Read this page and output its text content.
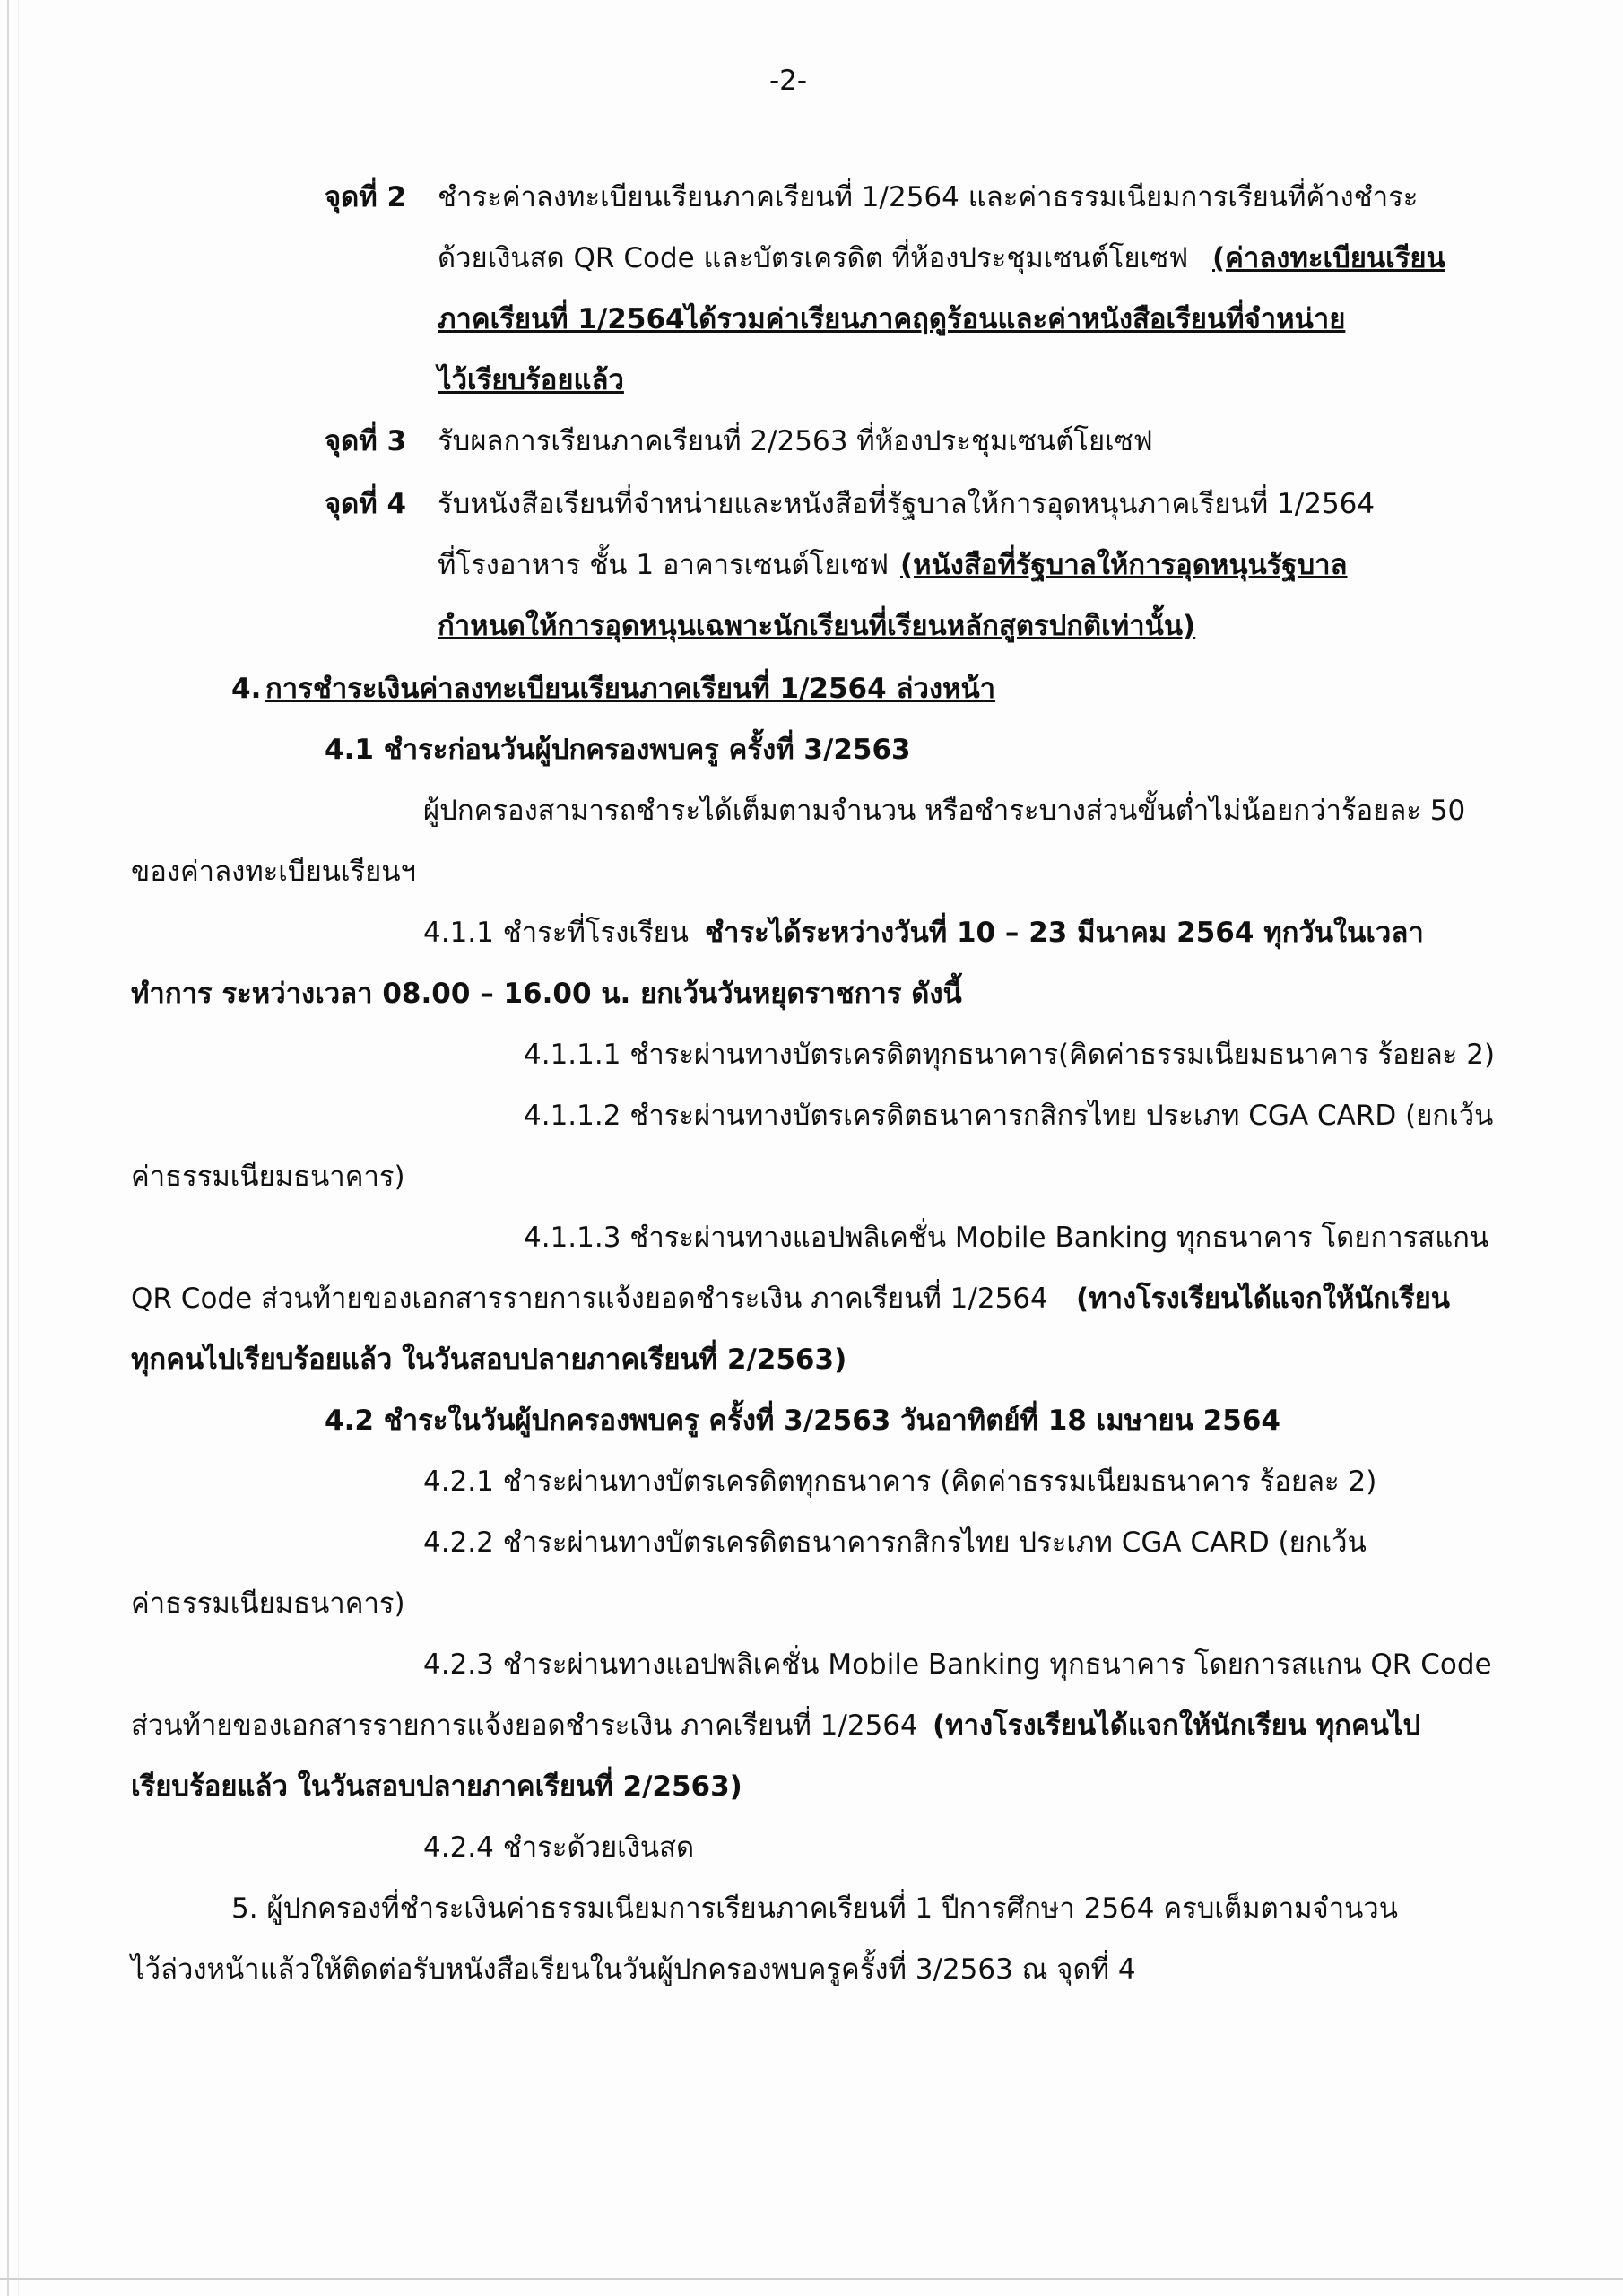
-2-
จุดที่ 2 ชำระค่าลงทะเบียนเรียนภาคเรียนที่ 1/2564 และค่าธรรมเนียมการเรียนที่ค้างชำระ
ด้วยเงินสด QR Code และบัตรเครดิต ที่ห้องประชุมเซนต์โยเซฟ (ค่าลงทะเบียนเรียน
ภาคเรียนที่ 1/2564ได้รวมค่าเรียนภาคฤดูร้อนและค่าหนังสือเรียนที่จำหน่าย
ไว้เรียบร้อยแล้ว
จุดที่ 3 รับผลการเรียนภาคเรียนที่ 2/2563 ที่ห้องประชุมเซนต์โยเซฟ
จุดที่ 4 รับหนังสือเรียนที่จำหน่ายและหนังสือที่รัฐบาลให้การอุดหนุนภาคเรียนที่ 1/2564
ที่โรงอาหาร ชั้น 1 อาคารเซนต์โยเซฟ (หนังสือที่รัฐบาลให้การอุดหนุนรัฐบาล
กำหนดให้การอุดหนุนเฉพาะนักเรียนที่เรียนหลักสูตรปกติเท่านั้น)
4. การชำระเงินค่าลงทะเบียนเรียนภาคเรียนที่ 1/2564 ล่วงหน้า
4.1 ชำระก่อนวันผู้ปกครองพบครู ครั้งที่ 3/2563
ผู้ปกครองสามารถชำระได้เต็มตามจำนวน หรือชำระบางส่วนขั้นต่ำไม่น้อยกว่าร้อยละ 50
ของค่าลงทะเบียนเรียนฯ
4.1.1 ชำระที่โรงเรียน ชำระได้ระหว่างวันที่ 10 – 23 มีนาคม 2564 ทุกวันในเวลา
ทำการ ระหว่างเวลา 08.00 – 16.00 น. ยกเว้นวันหยุดราชการ ดังนี้
4.1.1.1 ชำระผ่านทางบัตรเครดิตทุกธนาคาร(คิดค่าธรรมเนียมธนาคาร ร้อยละ 2)
4.1.1.2 ชำระผ่านทางบัตรเครดิตธนาคารกสิกรไทย ประเภท CGA CARD (ยกเว้น
ค่าธรรมเนียมธนาคาร)
4.1.1.3 ชำระผ่านทางแอปพลิเคชั่น Mobile Banking ทุกธนาคาร โดยการสแกน
QR Code ส่วนท้ายของเอกสารรายการแจ้งยอดชำระเงิน ภาคเรียนที่ 1/2564 (ทางโรงเรียนได้แจกให้นักเรียน
ทุกคนไปเรียบร้อยแล้ว ในวันสอบปลายภาคเรียนที่ 2/2563)
4.2 ชำระในวันผู้ปกครองพบครู ครั้งที่ 3/2563 วันอาทิตย์ที่ 18 เมษายน 2564
4.2.1 ชำระผ่านทางบัตรเครดิตทุกธนาคาร (คิดค่าธรรมเนียมธนาคาร ร้อยละ 2)
4.2.2 ชำระผ่านทางบัตรเครดิตธนาคารกสิกรไทย ประเภท CGA CARD (ยกเว้น
ค่าธรรมเนียมธนาคาร)
4.2.3 ชำระผ่านทางแอปพลิเคชั่น Mobile Banking ทุกธนาคาร โดยการสแกน QR Code
ส่วนท้ายของเอกสารรายการแจ้งยอดชำระเงิน ภาคเรียนที่ 1/2564 (ทางโรงเรียนได้แจกให้นักเรียน ทุกคนไป
เรียบร้อยแล้ว ในวันสอบปลายภาคเรียนที่ 2/2563)
4.2.4 ชำระด้วยเงินสด
5. ผู้ปกครองที่ชำระเงินค่าธรรมเนียมการเรียนภาคเรียนที่ 1 ปีการศึกษา 2564 ครบเต็มตามจำนวน
ไว้ล่วงหน้าแล้วให้ติดต่อรับหนังสือเรียนในวันผู้ปกครองพบครูครั้งที่ 3/2563 ณ จุดที่ 4
